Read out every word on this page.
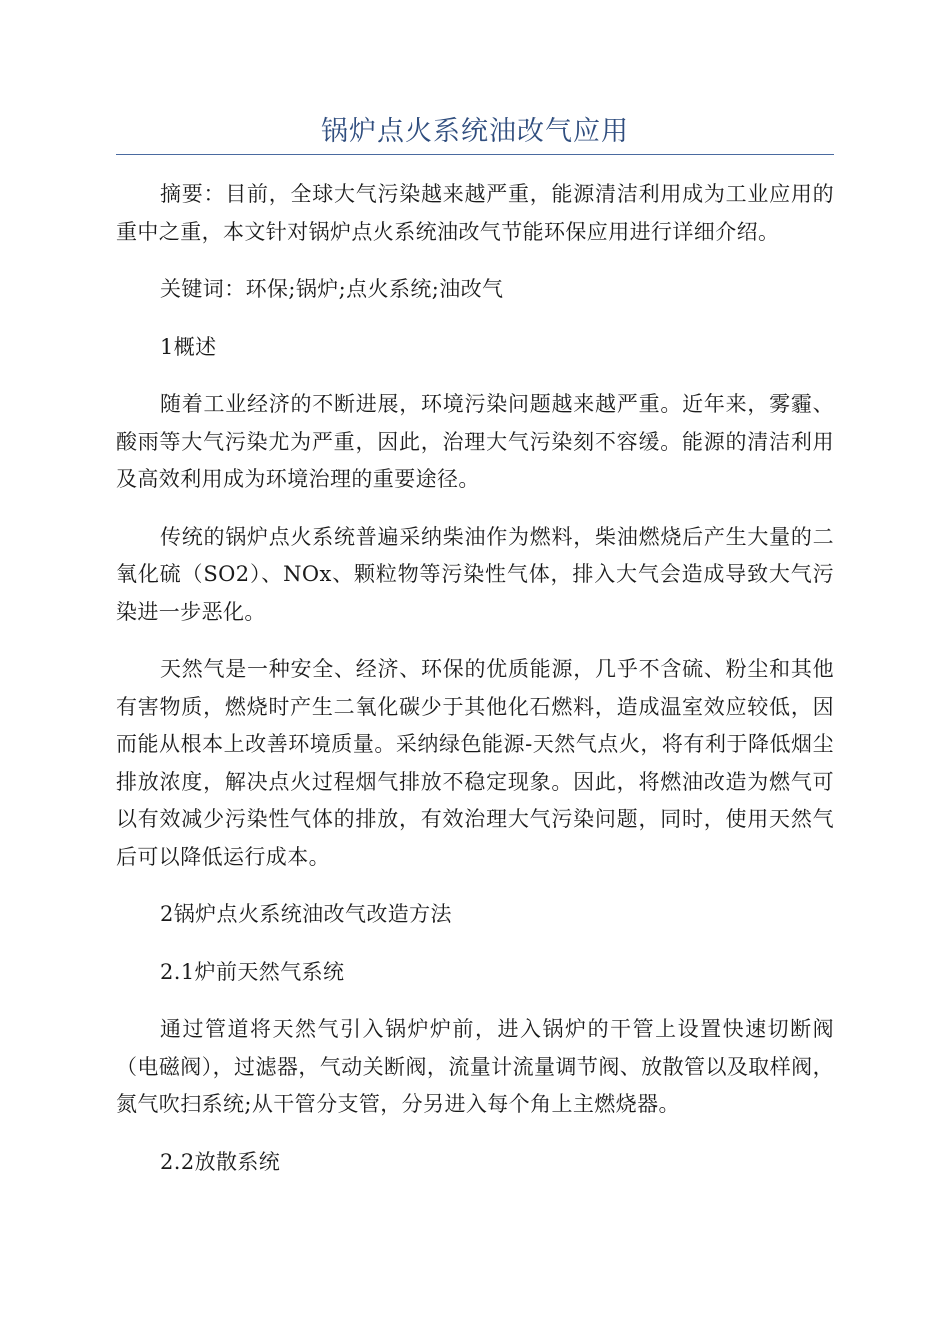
锅炉点火系统油改气应用

摘要：目前，全球大气污染越来越严重，能源清洁利用成为工业应用的重中之重，本文针对锅炉点火系统油改气节能环保应用进行详细介绍。

关键词：环保;锅炉;点火系统;油改气

1概述

随着工业经济的不断进展，环境污染问题越来越严重。近年来，雾霾、酸雨等大气污染尤为严重，因此，治理大气污染刻不容缓。能源的清洁利用及高效利用成为环境治理的重要途径。

传统的锅炉点火系统普遍采纳柴油作为燃料，柴油燃烧后产生大量的二氧化硫（SO2）、NOx、颗粒物等污染性气体，排入大气会造成导致大气污染进一步恶化。

天然气是一种安全、经济、环保的优质能源，几乎不含硫、粉尘和其他有害物质，燃烧时产生二氧化碳少于其他化石燃料，造成温室效应较低，因而能从根本上改善环境质量。采纳绿色能源-天然气点火，将有利于降低烟尘排放浓度，解决点火过程烟气排放不稳定现象。因此，将燃油改造为燃气可以有效减少污染性气体的排放，有效治理大气污染问题，同时，使用天然气后可以降低运行成本。

2锅炉点火系统油改气改造方法

2.1炉前天然气系统

通过管道将天然气引入锅炉炉前，进入锅炉的干管上设置快速切断阀（电磁阀），过滤器，气动关断阀，流量计流量调节阀、放散管以及取样阀，氮气吹扫系统;从干管分支管，分另进入每个角上主燃烧器。

2.2放散系统
